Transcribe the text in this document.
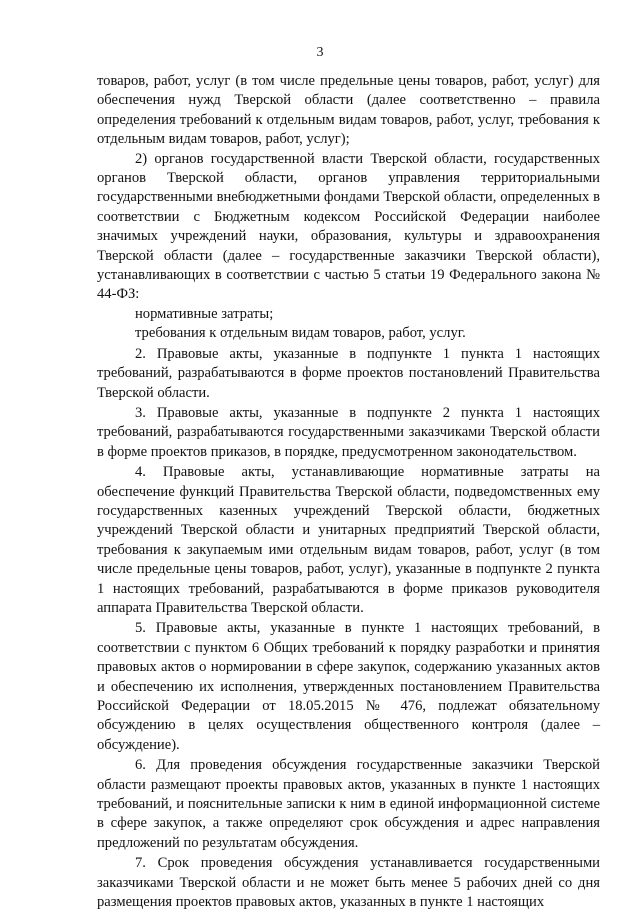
3

товаров, работ, услуг (в том числе предельные цены товаров, работ, услуг) для обеспечения нужд Тверской области (далее соответственно – правила определения требований к отдельным видам товаров, работ, услуг, требования к отдельным видам товаров, работ, услуг);

2) органов государственной власти Тверской области, государственных органов Тверской области, органов управления территориальными государственными внебюджетными фондами Тверской области, определенных в соответствии с Бюджетным кодексом Российской Федерации наиболее значимых учреждений науки, образования, культуры и здравоохранения Тверской области (далее – государственные заказчики Тверской области), устанавливающих в соответствии с частью 5 статьи 19 Федерального закона № 44-ФЗ:

нормативные затраты;

требования к отдельным видам товаров, работ, услуг.

2. Правовые акты, указанные в подпункте 1 пункта 1 настоящих требований, разрабатываются в форме проектов постановлений Правительства Тверской области.

3. Правовые акты, указанные в подпункте 2 пункта 1 настоящих требований, разрабатываются государственными заказчиками Тверской области в форме проектов приказов, в порядке, предусмотренном законодательством.

4. Правовые акты, устанавливающие нормативные затраты на обеспечение функций Правительства Тверской области, подведомственных ему государственных казенных учреждений Тверской области, бюджетных учреждений Тверской области и унитарных предприятий Тверской области, требования к закупаемым ими отдельным видам товаров, работ, услуг (в том числе предельные цены товаров, работ, услуг), указанные в подпункте 2 пункта 1 настоящих требований, разрабатываются в форме приказов руководителя аппарата Правительства Тверской области.

5. Правовые акты, указанные в пункте 1 настоящих требований, в соответствии с пунктом 6 Общих требований к порядку разработки и принятия правовых актов о нормировании в сфере закупок, содержанию указанных актов и обеспечению их исполнения, утвержденных постановлением Правительства Российской Федерации от 18.05.2015 № 476, подлежат обязательному обсуждению в целях осуществления общественного контроля (далее – обсуждение).

6. Для проведения обсуждения государственные заказчики Тверской области размещают проекты правовых актов, указанных в пункте 1 настоящих требований, и пояснительные записки к ним в единой информационной системе в сфере закупок, а также определяют срок обсуждения и адрес направления предложений по результатам обсуждения.

7. Срок проведения обсуждения устанавливается государственными заказчиками Тверской области и не может быть менее 5 рабочих дней со дня размещения проектов правовых актов, указанных в пункте 1 настоящих
